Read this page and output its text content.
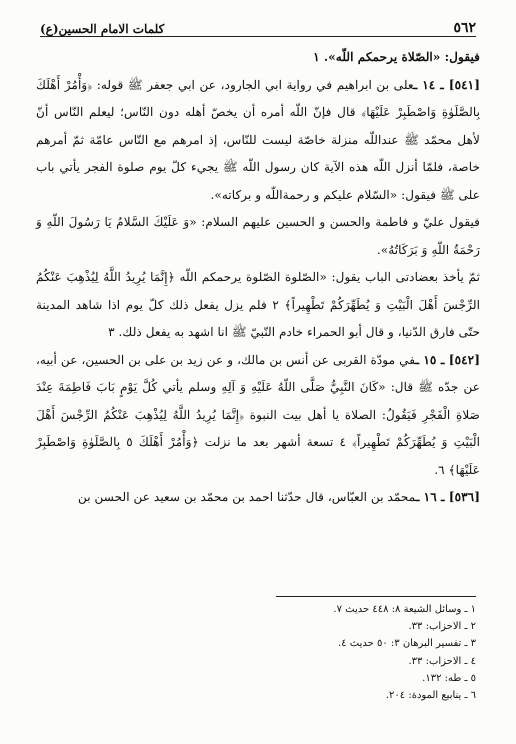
٥٦٢
كلمات الامام الحسين(ع)

فيقول: «الصّلاة يرحمكم اللّه». ١

[٥٤١] ـ ١٤ ـعلى بن ابراهيم في رواية ابي الجارود، عن ابي جعفر ﷺ قوله: ﴿وَأْمُرْ أَهْلَكَ بِالصَّلَوٰةِ وَاصْطَبِرْ عَلَيْهَا﴾ قال فإنّ اللّه أمره أن يخصّ أهله دون النّاس؛ ليعلم النّاس أنّ لأهل محمّد ﷺ عنداللّه منزلة خاصّة ليست للنّاس، إذ امرهم مع النّاس عامّة ثمّ أمرهم خاصة، فلمّا أنزل اللّه هذه الآية كان رسول اللّه ﷺ يجيء كلّ يوم صلوة الفجر يأتي باب على ﷺ فيقول: «السّلام عليكم و رحمةاللّه و بركاته».

فيقول عليّ و فاطمة والحسن و الحسين عليهم السلام: «وَ عَلَيْكَ السَّلامُ يَا رَسُولَ اللّهِ وَ رَحْمَةُ اللّهِ وَ بَرَكَاتُهُ».

ثمّ يأخذ بعضادتى الباب يقول: «الصّلوة الصّلوة يرحمكم اللّه ﴿إِنَّمَا يُرِيدُ اللَّهُ لِيُذْهِبَ عَنْكُمُ الرِّجْسَ أَهْلَ الْبَيْتِ وَ يُطَهِّرَكُمْ تَطْهِيراً﴾ ٢ فلم يزل يفعل ذلك كلّ يوم اذا شاهد المدينة حتّى فارق الدّنيا، و قال أبو الحمراء خادم النّبيّ ﷺ انا اشهد به يفعل ذلك. ٣

[٥٤٢] ـ ١٥ ـفي مودّة القربى عن أنس بن مالك، و عن زيد بن على بن الحسين، عن أبيه، عن جدّه ﷺ قال: «كَانَ النَّبِيُّ صَلَّى اللّهُ عَلَيْهِ وَ آلِهِ وسلم يأتي كُلَّ يَوْمٍ بَابَ فَاطِمَةَ عِنْدَ صَلاةِ الْفَجْرِ فَيَقُولُ: الصلاة يا أهل بيت النبوة ﴿إِنَّمَا يُرِيدُ اللَّهُ لِيُذْهِبَ عَنْكُمُ الرِّجْسَ أَهْلَ الْبَيْتِ وَ يُطَهِّرَكُمْ تَطْهِيراً﴾ ٤ تسعة أشهر بعد ما نزلت ﴿وَأْمُرْ أَهْلَكَ ٥ بِالصَّلَوٰةِ وَاصْطَبِرْ عَلَيْهَا﴾ ٦.

[٥٣٦] ـ ١٦ ـمحمّد بن العبّاس، قال حدّثنا احمد بن محمّد بن سعيد عن الحسن بن

١ ـ وسائل الشيعة ٨: ٤٤٨ حديث ٧.
٢ ـ الاحزاب: ٣٣.
٣ ـ تفسير البرهان ٣: ٥٠ حديث ٤.
٤ ـ الاحزاب: ٣٣.
٥ ـ طه: ١٣٢.
٦ ـ ينابيع المودة: ٢٠٤.
